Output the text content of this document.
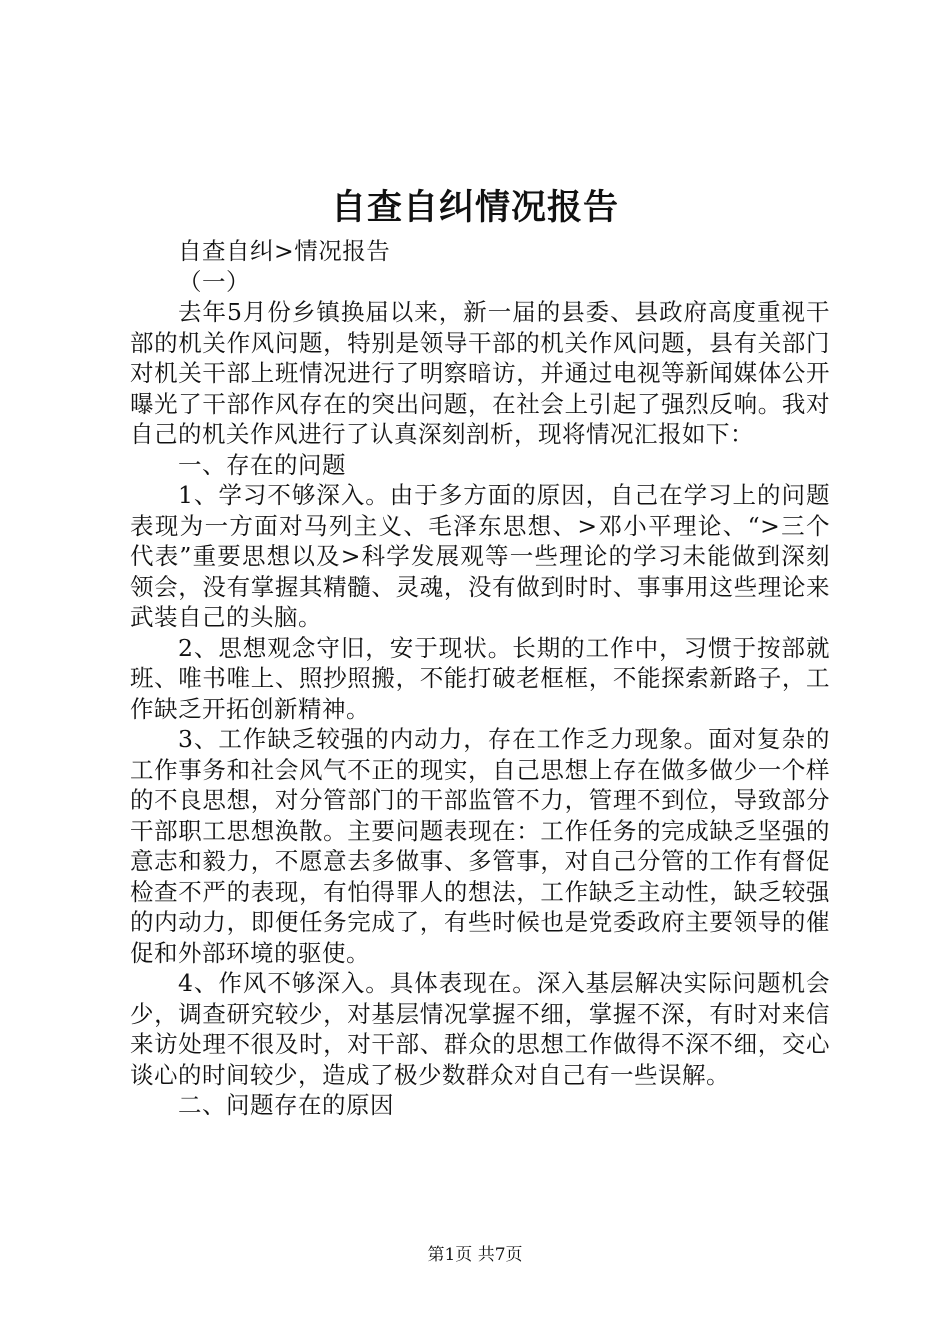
自查自纠情况报告

自查自纠>情况报告

（一）

去年5月份乡镇换届以来，新一届的县委、县政府高度重视干部的机关作风问题，特别是领导干部的机关作风问题，县有关部门对机关干部上班情况进行了明察暗访，并通过电视等新闻媒体公开曝光了干部作风存在的突出问题，在社会上引起了强烈反响。我对自己的机关作风进行了认真深刻剖析，现将情况汇报如下：

一、存在的问题

1、学习不够深入。由于多方面的原因，自己在学习上的问题表现为一方面对马列主义、毛泽东思想、>邓小平理论、“>三个代表”重要思想以及>科学发展观等一些理论的学习未能做到深刻领会，没有掌握其精髓、灵魂，没有做到时时、事事用这些理论来武装自己的头脑。

2、思想观念守旧，安于现状。长期的工作中，习惯于按部就班、唯书唯上、照抄照搬，不能打破老框框，不能探索新路子，工作缺乏开拓创新精神。

3、工作缺乏较强的内动力，存在工作乏力现象。面对复杂的工作事务和社会风气不正的现实，自己思想上存在做多做少一个样的不良思想，对分管部门的干部监管不力，管理不到位，导致部分干部职工思想涣散。主要问题表现在：工作任务的完成缺乏坚强的意志和毅力，不愿意去多做事、多管事，对自己分管的工作有督促检查不严的表现，有怕得罪人的想法，工作缺乏主动性，缺乏较强的内动力，即便任务完成了，有些时候也是党委政府主要领导的催促和外部环境的驱使。

4、作风不够深入。具体表现在。深入基层解决实际问题机会少，调查研究较少，对基层情况掌握不细，掌握不深，有时对来信来访处理不很及时，对干部、群众的思想工作做得不深不细，交心谈心的时间较少，造成了极少数群众对自己有一些误解。

二、问题存在的原因

第1页 共7页
